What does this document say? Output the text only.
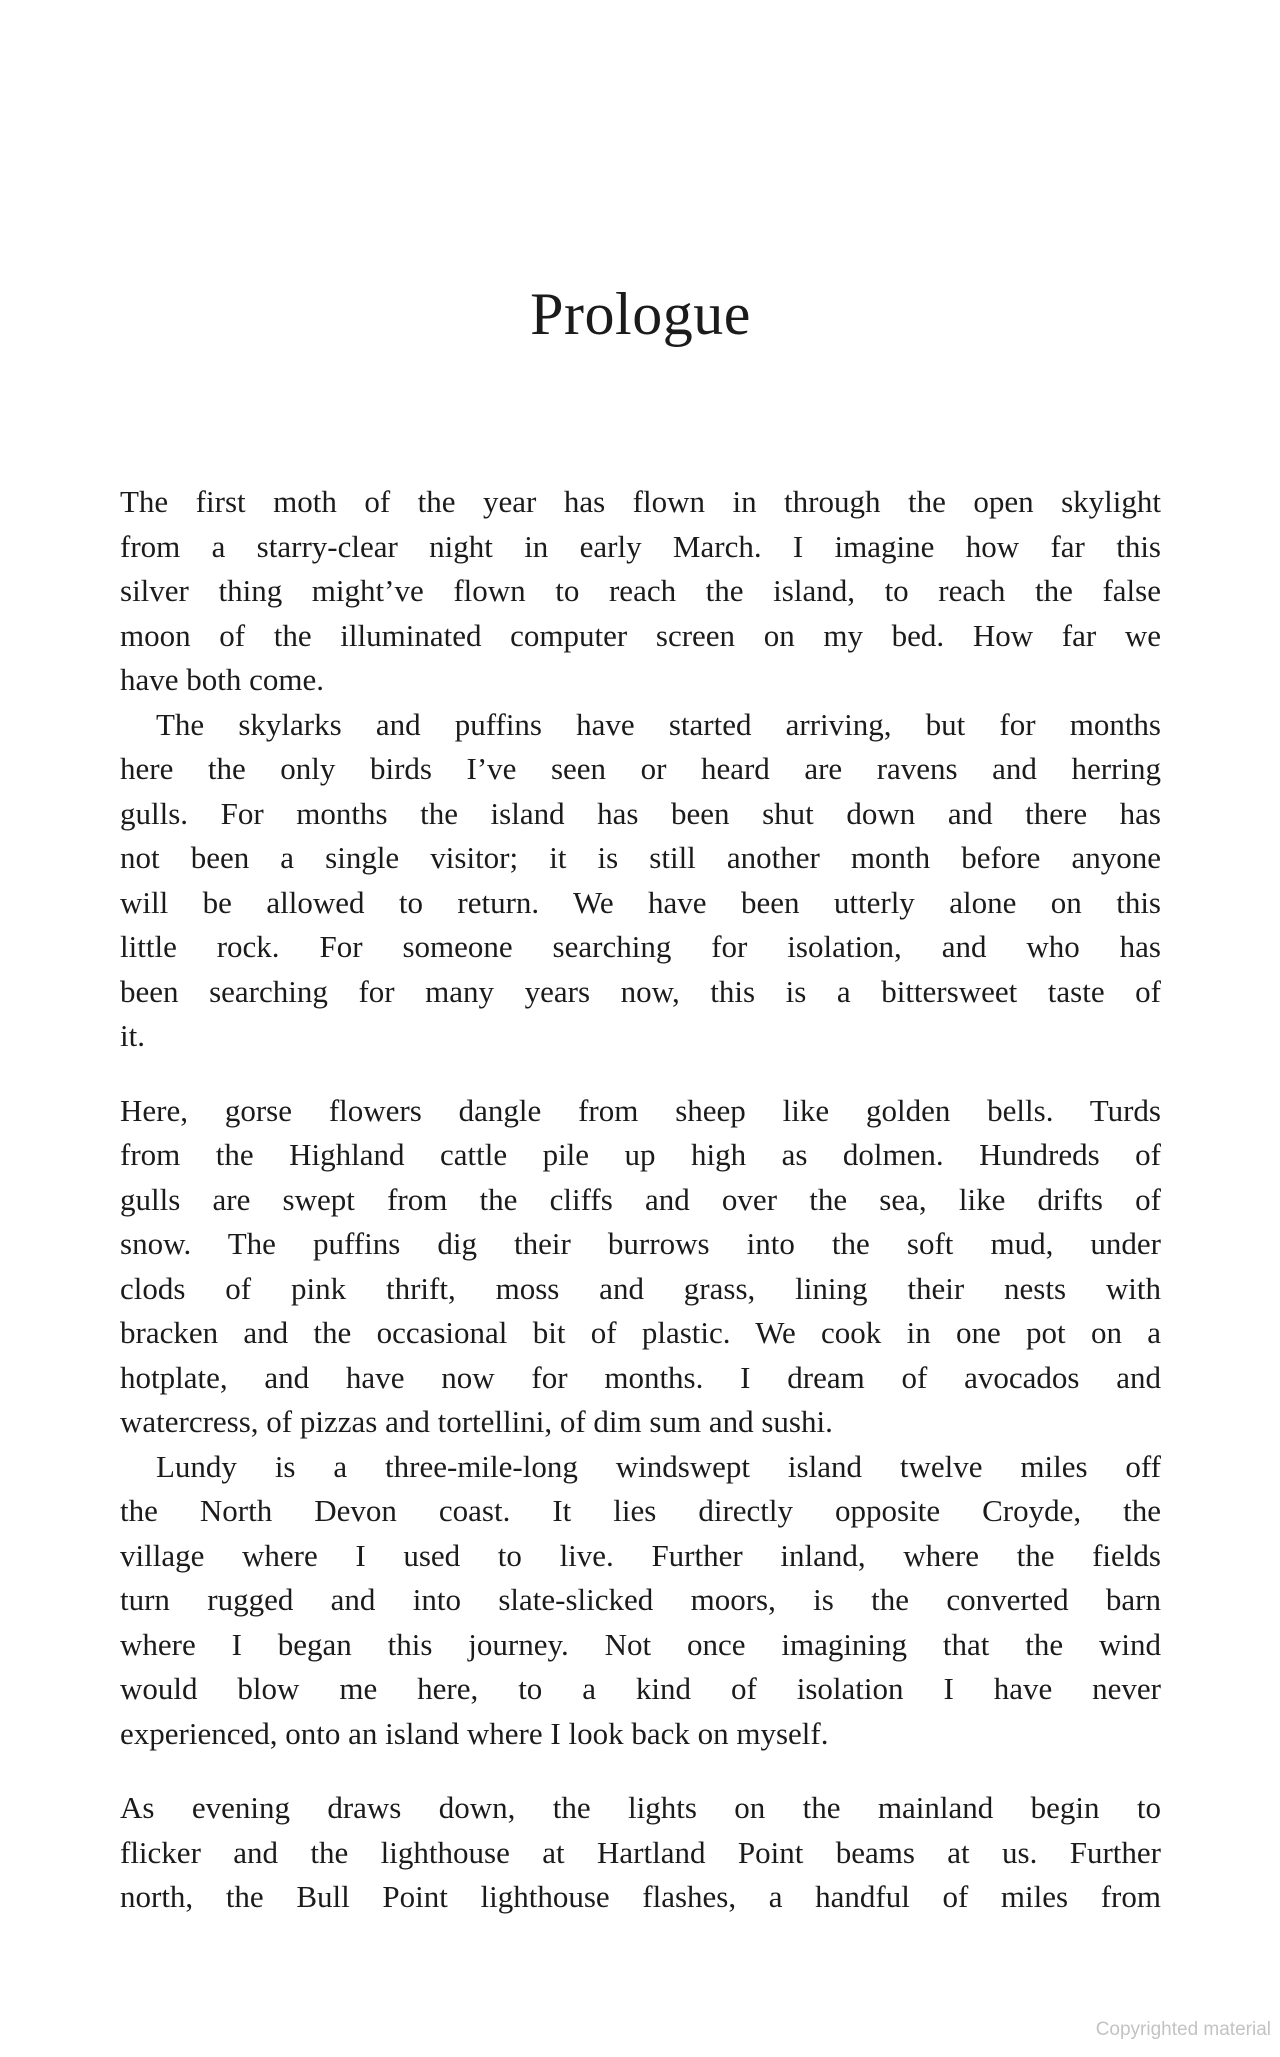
Prologue
The first moth of the year has flown in through the open skylight
from a starry-clear night in early March. I imagine how far this
silver thing might’ve flown to reach the island, to reach the false
moon of the illuminated computer screen on my bed. How far we
have both come.
The skylarks and puffins have started arriving, but for months
here the only birds I’ve seen or heard are ravens and herring
gulls. For months the island has been shut down and there has
not been a single visitor; it is still another month before anyone
will be allowed to return. We have been utterly alone on this
little rock. For someone searching for isolation, and who has
been searching for many years now, this is a bittersweet taste of
it.
Here, gorse flowers dangle from sheep like golden bells. Turds
from the Highland cattle pile up high as dolmen. Hundreds of
gulls are swept from the cliffs and over the sea, like drifts of
snow. The puffins dig their burrows into the soft mud, under
clods of pink thrift, moss and grass, lining their nests with
bracken and the occasional bit of plastic. We cook in one pot on a
hotplate, and have now for months. I dream of avocados and
watercress, of pizzas and tortellini, of dim sum and sushi.
Lundy is a three-mile-long windswept island twelve miles off
the North Devon coast. It lies directly opposite Croyde, the
village where I used to live. Further inland, where the fields
turn rugged and into slate-slicked moors, is the converted barn
where I began this journey. Not once imagining that the wind
would blow me here, to a kind of isolation I have never
experienced, onto an island where I look back on myself.
As evening draws down, the lights on the mainland begin to
flicker and the lighthouse at Hartland Point beams at us. Further
north, the Bull Point lighthouse flashes, a handful of miles from
Copyrighted material
